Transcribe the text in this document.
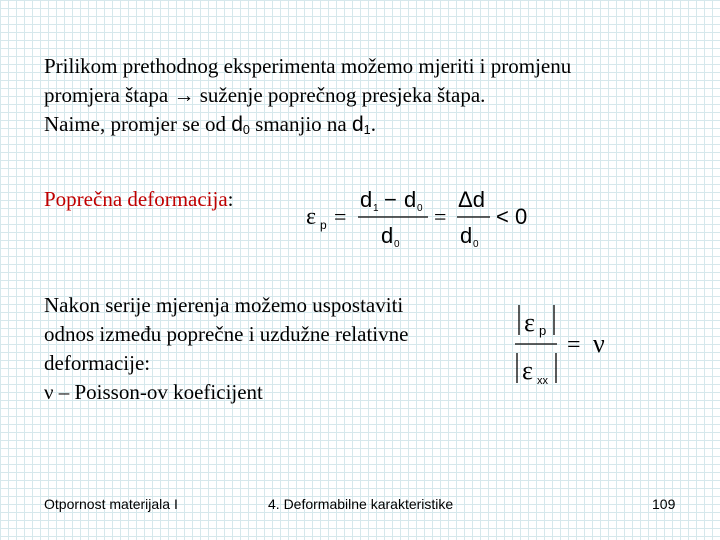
Prilikom prethodnog eksperimenta možemo mjeriti i promjenu

promjera štapa → suženje poprečnog presjeka štapa.

Naime, promjer se od $d_0$ smanjio na $d_1$.

Poprečna deformacija:
ε p =
d 1 − d 0
d 0
=
Δd
d 0
< 0

Nakon serije mjerenja možemo uspostaviti

odnos između poprečne i uzdužne relativne

deformacije:

ν – Poisson-ov koeficijent

ε p
ε xx
= ν
Otpornost materijala I	4. Deformabilne karakteristike	109
